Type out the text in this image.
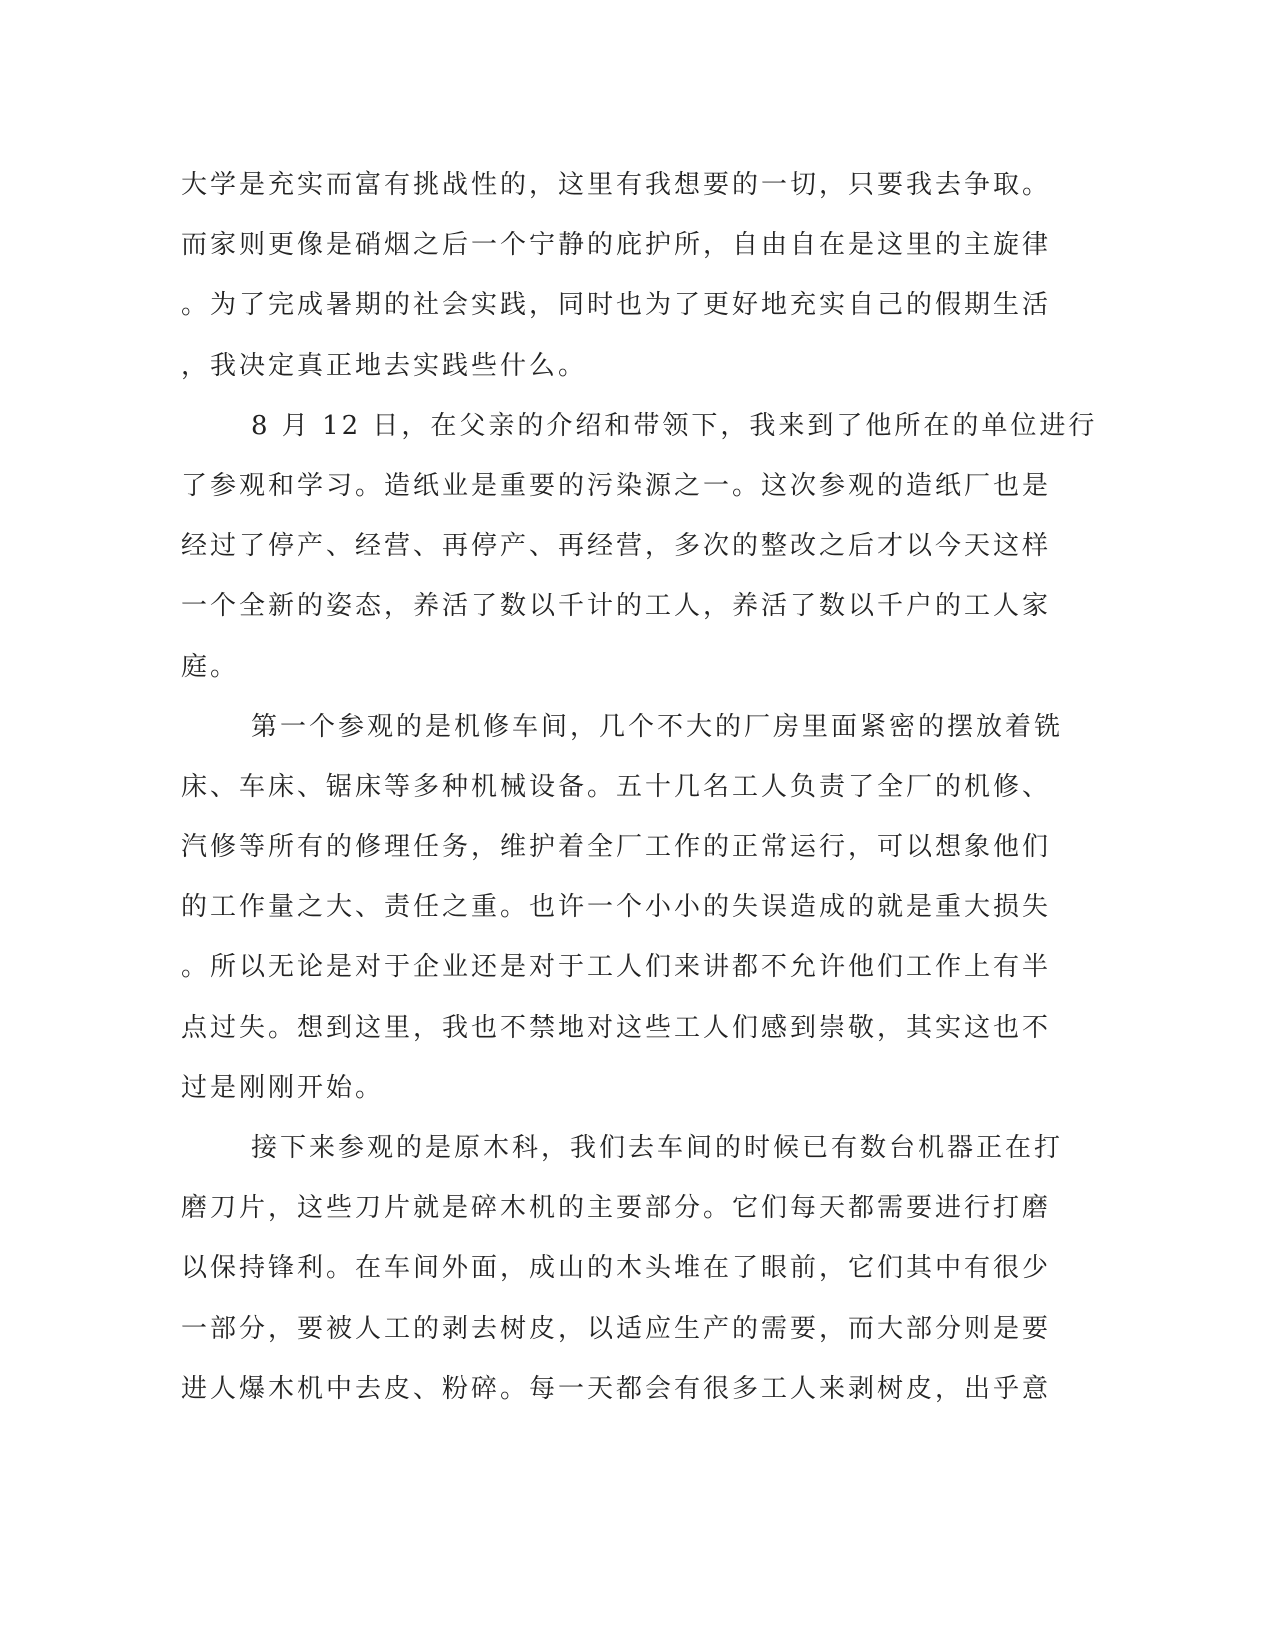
大学是充实而富有挑战性的，这里有我想要的一切，只要我去争取。
而家则更像是硝烟之后一个宁静的庇护所，自由自在是这里的主旋律
。为了完成暑期的社会实践，同时也为了更好地充实自己的假期生活
，我决定真正地去实践些什么。
8 月 12 日，在父亲的介绍和带领下，我来到了他所在的单位进行
了参观和学习。造纸业是重要的污染源之一。这次参观的造纸厂也是
经过了停产、经营、再停产、再经营，多次的整改之后才以今天这样
一个全新的姿态，养活了数以千计的工人，养活了数以千户的工人家
庭。
第一个参观的是机修车间，几个不大的厂房里面紧密的摆放着铣
床、车床、锯床等多种机械设备。五十几名工人负责了全厂的机修、
汽修等所有的修理任务，维护着全厂工作的正常运行，可以想象他们
的工作量之大、责任之重。也许一个小小的失误造成的就是重大损失
。所以无论是对于企业还是对于工人们来讲都不允许他们工作上有半
点过失。想到这里，我也不禁地对这些工人们感到崇敬，其实这也不
过是刚刚开始。
接下来参观的是原木科，我们去车间的时候已有数台机器正在打
磨刀片，这些刀片就是碎木机的主要部分。它们每天都需要进行打磨
以保持锋利。在车间外面，成山的木头堆在了眼前，它们其中有很少
一部分，要被人工的剥去树皮，以适应生产的需要，而大部分则是要
进人爆木机中去皮、粉碎。每一天都会有很多工人来剥树皮，出乎意
